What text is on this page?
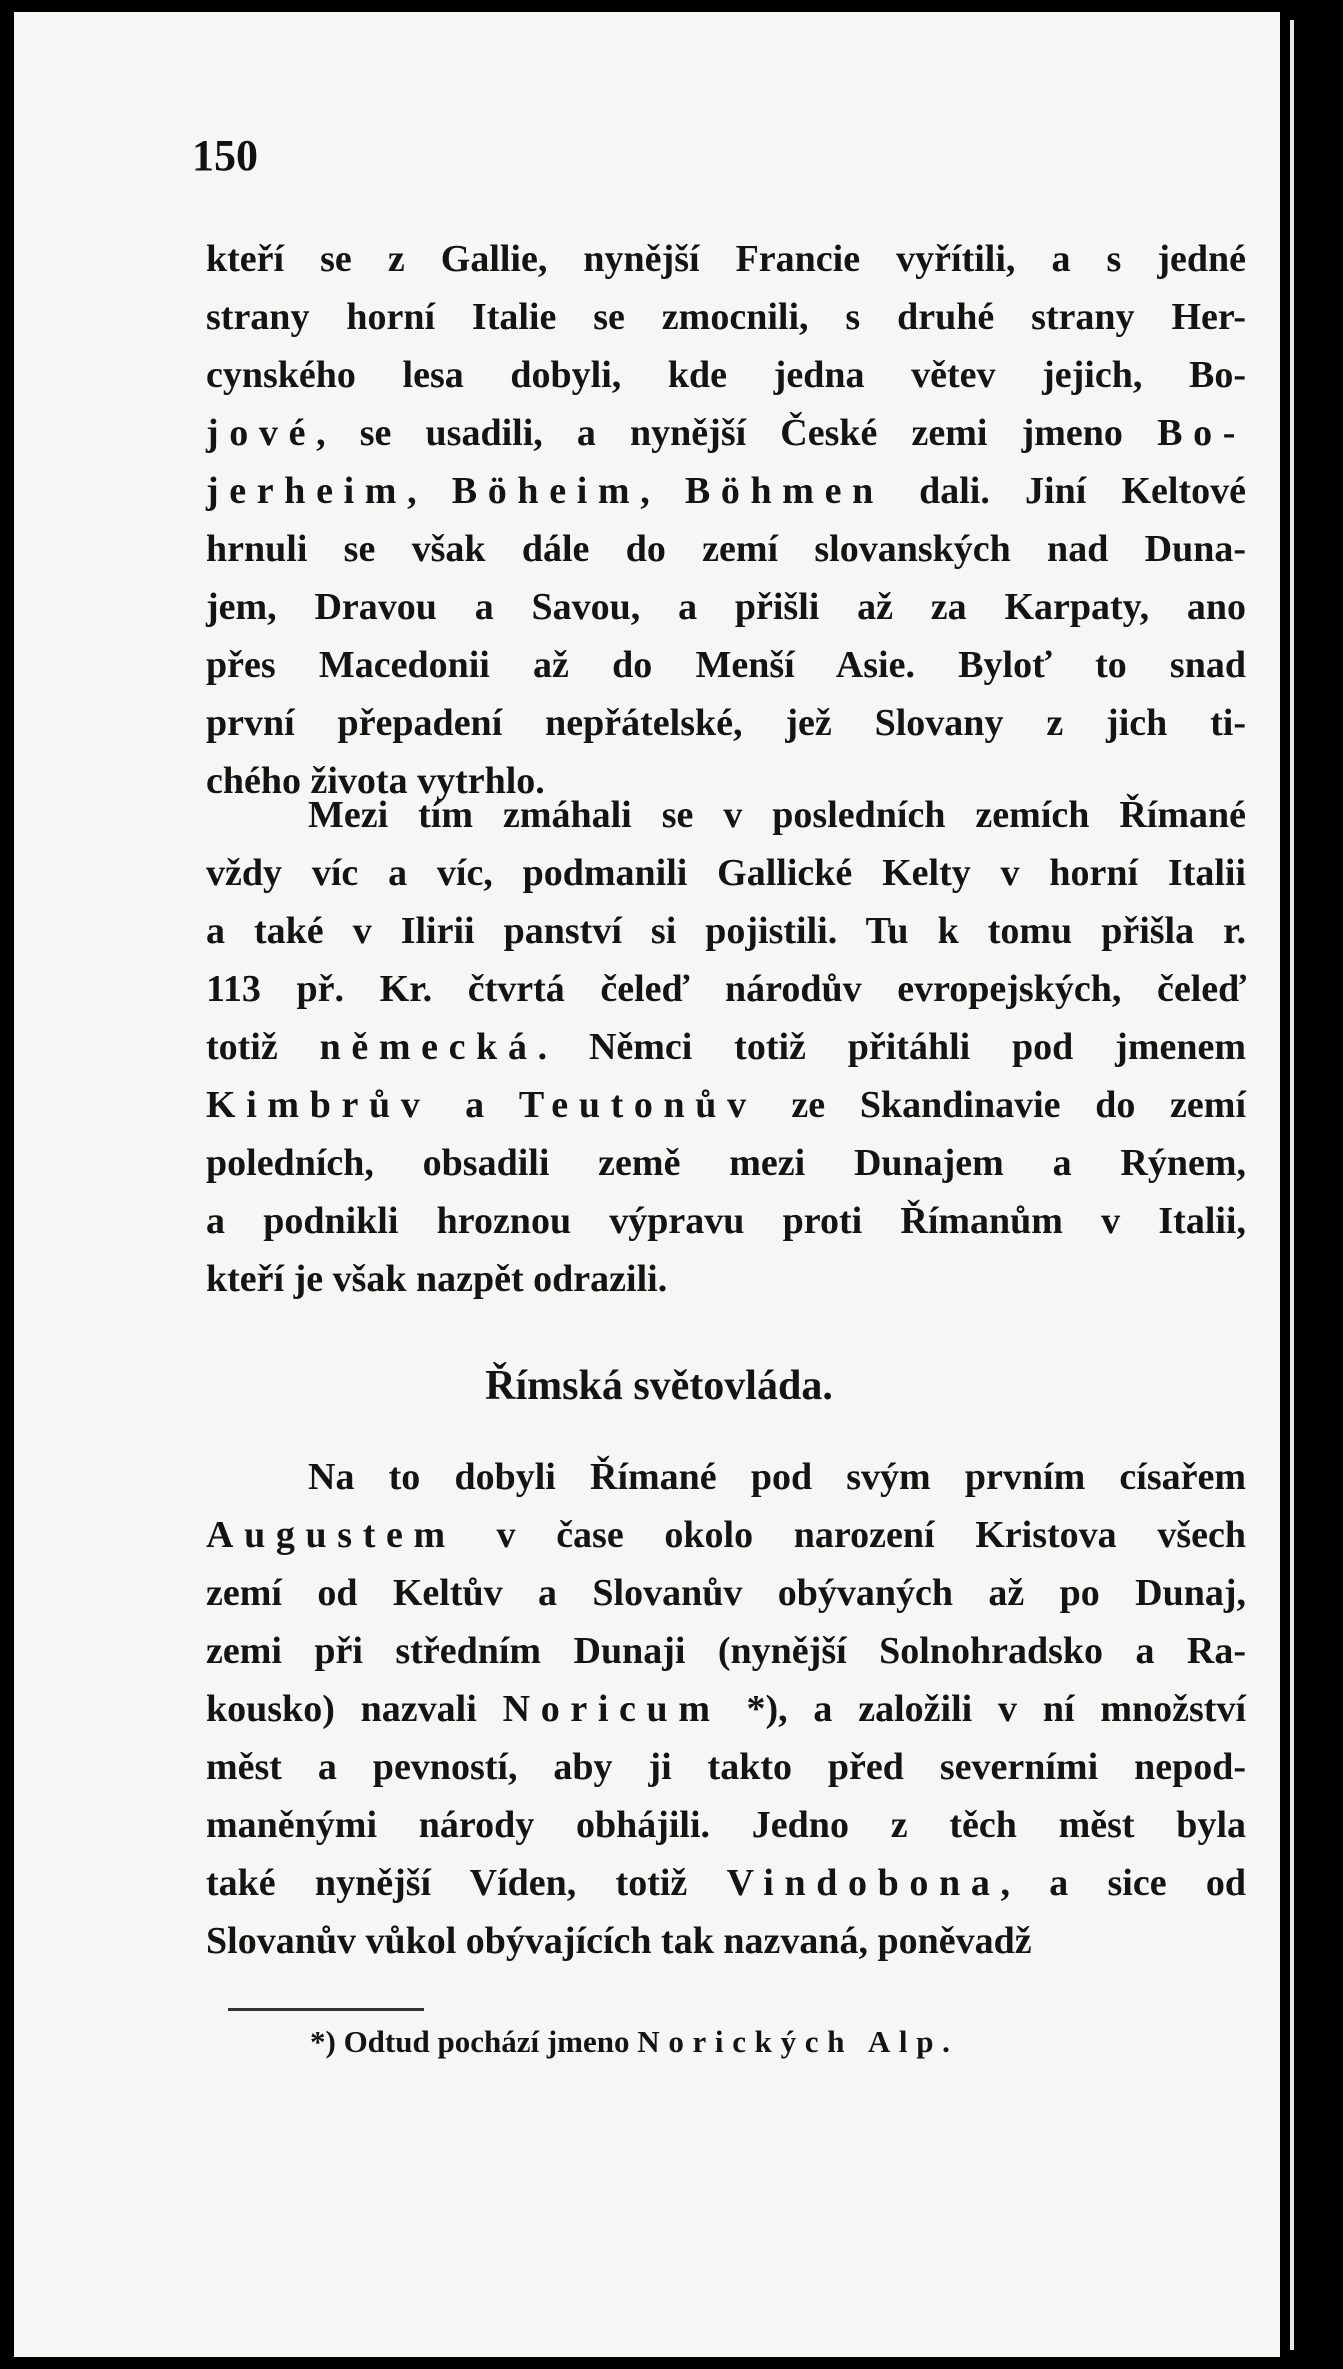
150
kteří se z Gallie, nynější Francie vyřítili, a s jedné
strany horní Italie se zmocnili, s druhé strany Her-
cynského lesa dobyli, kde jedna větev jejich, Bo-
jové, se usadili, a nynější České zemi jmeno Bo-
jerheim, Böheim, Böhmen dali. Jiní Keltové
hrnuli se však dále do zemí slovanských nad Duna-
jem, Dravou a Savou, a přišli až za Karpaty, ano
přes Macedonii až do Menší Asie. Byloť to snad
první přepadení nepřátelské, jež Slovany z jich ti-
chého života vytrhlo.
Mezi tím zmáhali se v posledních zemích Římané
vždy víc a víc, podmanili Gallické Kelty v horní Italii
a také v Ilirii panství si pojistili. Tu k tomu přišla r.
113 př. Kr. čtvrtá čeleď národův evropejských, čeleď
totiž německá. Němci totiž přitáhli pod jmenem
Kimbrův a Teutonův ze Skandinavie do zemí
poledních, obsadili země mezi Dunajem a Rýnem,
a podnikli hroznou výpravu proti Římanům v Italii,
kteří je však nazpět odrazili.
Římská světovláda.
Na to dobyli Římané pod svým prvním císařem
Augustem v čase okolo narození Kristova všech
zemí od Keltův a Slovanův obývaných až po Dunaj,
zemi při středním Dunaji (nynější Solnohradsko a Ra-
kousko) nazvali Noricum *), a založili v ní množství
měst a pevností, aby ji takto před severními nepod-
maněnými národy obhájili. Jedno z těch měst byla
také nynější Víden, totiž Vindobona, a sice od
Slovanův vůkol obývajících tak nazvaná, poněvadž
*) Odtud pochází jmeno Norických Alp.
